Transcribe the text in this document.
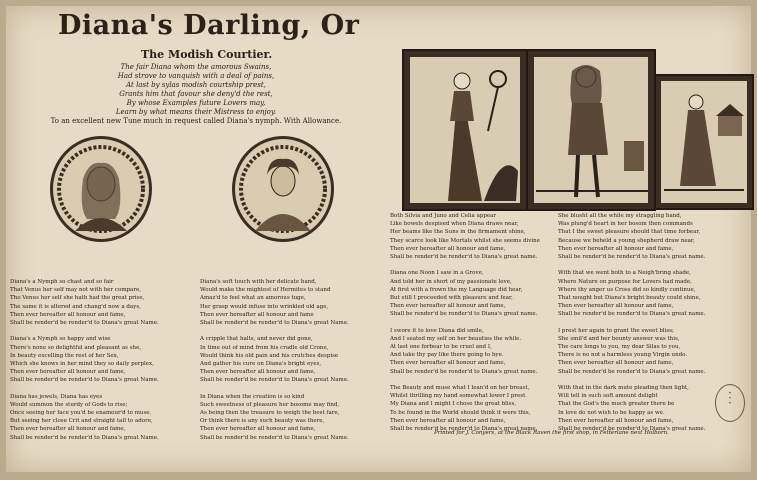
Diana's Darling, Or
The Modish Courtier.
The fair Diana whom the amorous Swains,
Had strove to vanquish with a deal of pains,
At last by sylas modish courtship prest,
Grants him that favour she deny'd the rest,
By whose Examples future Lovers may,
Learn by what means their Mistress to enjoy.
To an excellent new Tune much in request called Diana's nymph. With Allowance.
Diana's a Nymph so chast and so fair
That Venus her self may not with her compare,
Tho Venus her self she hath had the great prise,
The same it is altered and chang'd now a days,
Then ever hereafter all honour and fame,
Shall be render'd be render'd to Diana's great Name.
Diana's a Nymph so happy and wise
There's none so delightful and pleasant as she,
In beauty excelling the rest of her Sex,
Which she knows in her mind they so daily perplex,
Then ever hereafter all honour and fame,
Shall be render'd be render'd to Diana's great Name.
Diana has jewels, Diana has eyes
Would summon the sturdy of Gods to rise;
Once seeing her face you'd be enamour'd to muse,
But seeing her close Crit and straight tall to adore,
Then ever hereafter all honour and fame,
Shall be render'd be render'd to Diana's great Name.
Diana's soft touch with her delicate hand,
Would make the mightest of Hermites to stand
Amaz'd to feel what an amorous tuge,
Her grasp would infuse into wrinkled old age,
Then ever hereafter all honour and fame
Shall be render'd be render'd to Diana's great Name.
A cripple that halts, and never did gone,
In time out of mind from his cradle old Crone,
Would think his old pain and his crutches despise
And gather his cure on Diana's bright eyes,
Then ever hereafter all honour and fame,
Shall be render'd be render'd to Diana's great Name.
In Diana when the creation is so kind
Such sweetness of pleasure her bosome may find,
As being then the treasure to weigh the best fare,
Or think there is any such beauty was there,
Then ever hereafter all honour and fame,
Shall be render'd be render'd to Diana's great Name.
Both Silvia and Juno and Celia appear
Like bowels despised when Diana draws near,
Her beams like the Suns in the firmament shine,
They scarce look like Mortals whilst she seems divine
Then ever hereafter all honour and fame,
Shall be render'd be render'd to Diana's great name.
Diana one Noon I saw in a Grove,
And told her in short of my passionate love,
At first with a frown the my Language did hear,
But still I proceeded with pleasure and fear,
Then ever hereafter all honour and fame,
Shall be render'd be render'd to Diana's great name.
I swore it to love Diana did smile,
And I seated my self on her beauties the while.
At last one forbear to be cruel and I,
And take thy pay like there going to bye.
Then ever hereafter all honour and fame,
Shall be render'd be render'd to Diana's great name.
The Beauty and muse what I lean'd on her breast,
Whilst thrilling my hand somewhat lower I prest
My Diana and I might I chose the great bliss,
To be found in the World should think it were this,
Then ever hereafter all honour and fame,
Shall be render'd be render'd to Diana's great name.
She blusht all the while my straggling hand,
Was plung'd heart in her bosom then commands
That I the sweet pleasure should that time forbear,
Because we beheld a young shepherd draw near,
Then ever hereafter all honour and fame,
Shall be render'd be render'd to Diana's great name.
With that we went both to a Neigh'bring shade,
Where Nature on purpose for Lovers had made,
Where thy anger us Cross did so kindly continue,
That nought but Diana's bright beauty could shine,
Then ever hereafter all honour and fame,
Shall be render'd be render'd to Diana's great name.
I prest her again to grant the sweet bliss;
She smil'd and her bounty answer was this,
The care longs to you, my dear Silas to you,
There is no not a harmless young Virgin undo.
Then ever hereafter all honour and fame,
Shall be render'd be render'd to Diana's great name.
With that in the dark mute pleading then light,
Will tell in such soft amount delight
That the God's the much greater there be
In love do not wish to be happy as we.
Then ever hereafter all honour and fame,
Shall be render'd be render'd to Diana's great name.
Printed for J. Conyers, at the Black Raven the first shop, in Fetterlane next Holborn.
✦
✦
✦
